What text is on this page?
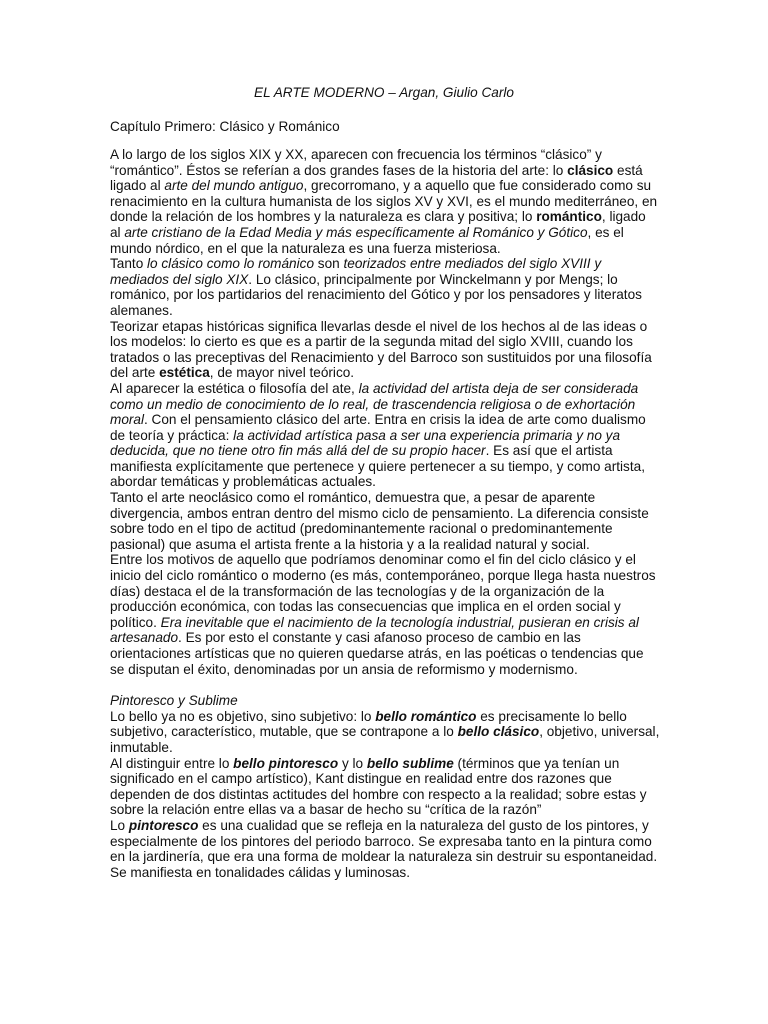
EL ARTE MODERNO – Argan, Giulio Carlo

Capítulo Primero: Clásico y Románico

A lo largo de los siglos XIX y XX, aparecen con frecuencia los términos “clásico” y “romántico”. Éstos se referían a dos grandes fases de la historia del arte: lo clásico está ligado al arte del mundo antiguo, grecorromano, y a aquello que fue considerado como su renacimiento en la cultura humanista de los siglos XV y XVI, es el mundo mediterráneo, en donde la relación de los hombres y la naturaleza es clara y positiva; lo romántico, ligado al arte cristiano de la Edad Media y más específicamente al Románico y Gótico, es el mundo nórdico, en el que la naturaleza es una fuerza misteriosa.

Tanto lo clásico como lo románico son teorizados entre mediados del siglo XVIII y mediados del siglo XIX. Lo clásico, principalmente por Winckelmann y por Mengs; lo románico, por los partidarios del renacimiento del Gótico y por los pensadores y literatos alemanes.

Teorizar etapas históricas significa llevarlas desde el nivel de los hechos al de las ideas o los modelos: lo cierto es que es a partir de la segunda mitad del siglo XVIII, cuando los tratados o las preceptivas del Renacimiento y del Barroco son sustituidos por una filosofía del arte estética, de mayor nivel teórico.

Al aparecer la estética o filosofía del ate, la actividad del artista deja de ser considerada como un medio de conocimiento de lo real, de trascendencia religiosa o de exhortación moral. Con el pensamiento clásico del arte. Entra en crisis la idea de arte como dualismo de teoría y práctica: la actividad artística pasa a ser una experiencia primaria y no ya deducida, que no tiene otro fin más allá del de su propio hacer. Es así que el artista manifiesta explícitamente que pertenece y quiere pertenecer a su tiempo, y como artista, abordar temáticas y problemáticas actuales.

Tanto el arte neoclásico como el romántico, demuestra que, a pesar de aparente divergencia, ambos entran dentro del mismo ciclo de pensamiento. La diferencia consiste sobre todo en el tipo de actitud (predominantemente racional o predominantemente pasional) que asuma el artista frente a la historia y a la realidad natural y social.

Entre los motivos de aquello que podríamos denominar como el fin del ciclo clásico y el inicio del ciclo romántico o moderno (es más, contemporáneo, porque llega hasta nuestros días) destaca el de la transformación de las tecnologías y de la organización de la producción económica, con todas las consecuencias que implica en el orden social y político. Era inevitable que el nacimiento de la tecnología industrial, pusieran en crisis al artesanado. Es por esto el constante y casi afanoso proceso de cambio en las orientaciones artísticas que no quieren quedarse atrás, en las poéticas o tendencias que se disputan el éxito, denominadas por un ansia de reformismo y modernismo.

Pintoresco y Sublime

Lo bello ya no es objetivo, sino subjetivo: lo bello romántico es precisamente lo bello subjetivo, característico, mutable, que se contrapone a lo bello clásico, objetivo, universal, inmutable.

Al distinguir entre lo bello pintoresco y lo bello sublime (términos que ya tenían un significado en el campo artístico), Kant distingue en realidad entre dos razones que dependen de dos distintas actitudes del hombre con respecto a la realidad; sobre estas y sobre la relación entre ellas va a basar de hecho su “crítica de la razón”

Lo pintoresco es una cualidad que se refleja en la naturaleza del gusto de los pintores, y especialmente de los pintores del periodo barroco. Se expresaba tanto en la pintura como en la jardinería, que era una forma de moldear la naturaleza sin destruir su espontaneidad. Se manifiesta en tonalidades cálidas y luminosas.
